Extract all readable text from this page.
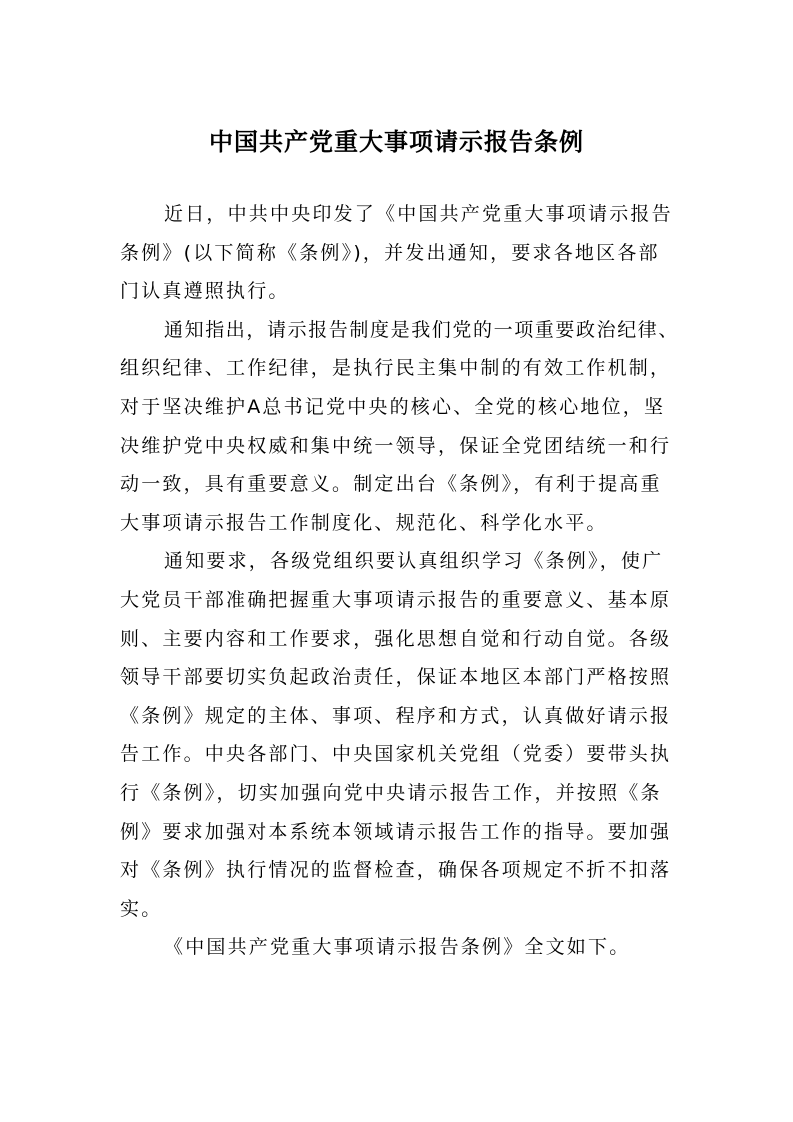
中国共产党重大事项请示报告条例
近日，中共中央印发了《中国共产党重大事项请示报告
条例》(以下简称《条例》)，并发出通知，要求各地区各部
门认真遵照执行。
通知指出，请示报告制度是我们党的一项重要政治纪律、
组织纪律、工作纪律，是执行民主集中制的有效工作机制，
对于坚决维护A总书记党中央的核心、全党的核心地位，坚
决维护党中央权威和集中统一领导，保证全党团结统一和行
动一致，具有重要意义。制定出台《条例》，有利于提高重
大事项请示报告工作制度化、规范化、科学化水平。
通知要求，各级党组织要认真组织学习《条例》，使广
大党员干部准确把握重大事项请示报告的重要意义、基本原
则、主要内容和工作要求，强化思想自觉和行动自觉。各级
领导干部要切实负起政治责任，保证本地区本部门严格按照
《条例》规定的主体、事项、程序和方式，认真做好请示报
告工作。中央各部门、中央国家机关党组（党委）要带头执
行《条例》，切实加强向党中央请示报告工作，并按照《条
例》要求加强对本系统本领域请示报告工作的指导。要加强
对《条例》执行情况的监督检查，确保各项规定不折不扣落
实。
《中国共产党重大事项请示报告条例》全文如下。
